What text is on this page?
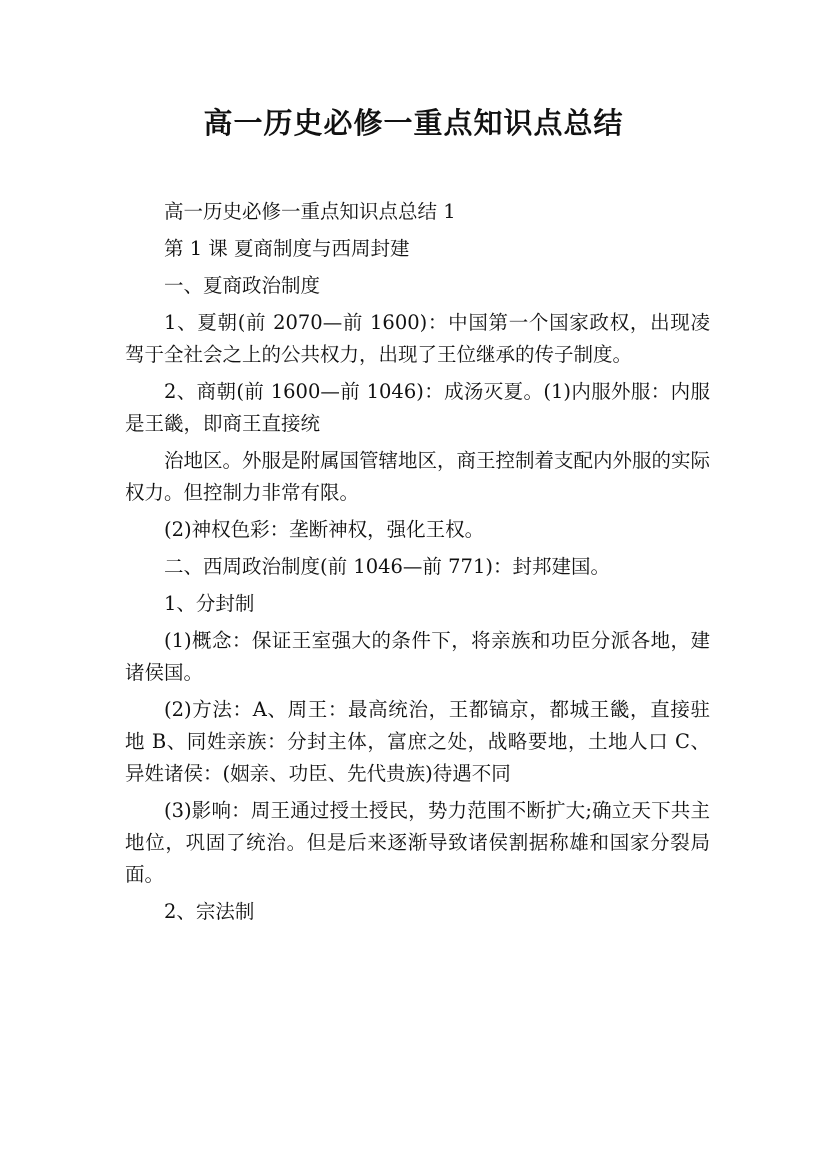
高一历史必修一重点知识点总结

高一历史必修一重点知识点总结 1

第 1 课 夏商制度与西周封建

一、夏商政治制度

1、夏朝(前 2070—前 1600)：中国第一个国家政权，出现凌驾于全社会之上的公共权力，出现了王位继承的传子制度。

2、商朝(前 1600—前 1046)：成汤灭夏。(1)内服外服：内服是王畿，即商王直接统

治地区。外服是附属国管辖地区，商王控制着支配内外服的实际权力。但控制力非常有限。

(2)神权色彩：垄断神权，强化王权。

二、西周政治制度(前 1046—前 771)：封邦建国。

1、分封制

(1)概念：保证王室强大的条件下，将亲族和功臣分派各地，建诸侯国。

(2)方法：A、周王：最高统治，王都镐京，都城王畿，直接驻地 B、同姓亲族：分封主体，富庶之处，战略要地，土地人口 C、异姓诸侯：(姻亲、功臣、先代贵族)待遇不同

(3)影响：周王通过授土授民，势力范围不断扩大;确立天下共主地位，巩固了统治。但是后来逐渐导致诸侯割据称雄和国家分裂局面。

2、宗法制
